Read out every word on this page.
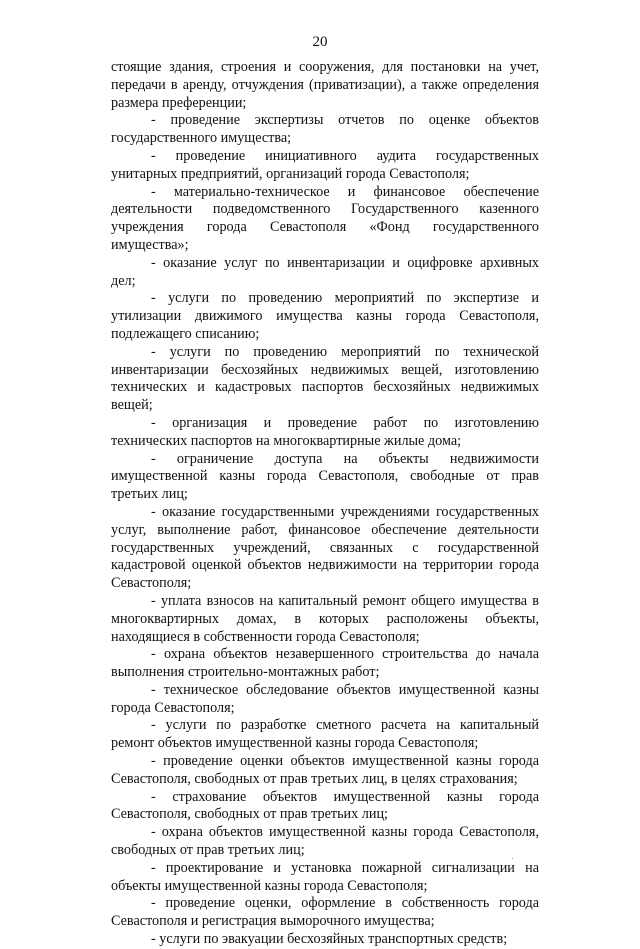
20

стоящие здания, строения и сооружения, для постановки на учет, передачи в аренду, отчуждения (приватизации), а также определения размера преференции;

- проведение экспертизы отчетов по оценке объектов государственного имущества;

- проведение инициативного аудита государственных унитарных предприятий, организаций города Севастополя;

- материально-техническое и финансовое обеспечение деятельности подведомственного Государственного казенного учреждения города Севастополя «Фонд государственного имущества»;

- оказание услуг по инвентаризации и оцифровке архивных дел;

- услуги по проведению мероприятий по экспертизе и утилизации движимого имущества казны города Севастополя, подлежащего списанию;

- услуги по проведению мероприятий по технической инвентаризации бесхозяйных недвижимых вещей, изготовлению технических и кадастровых паспортов бесхозяйных недвижимых вещей;

- организация и проведение работ по изготовлению технических паспортов на многоквартирные жилые дома;

- ограничение доступа на объекты недвижимости имущественной казны города Севастополя, свободные от прав третьих лиц;

- оказание государственными учреждениями государственных услуг, выполнение работ, финансовое обеспечение деятельности государственных учреждений, связанных с государственной кадастровой оценкой объектов недвижимости на территории города Севастополя;

- уплата взносов на капитальный ремонт общего имущества в многоквартирных домах, в которых расположены объекты, находящиеся в собственности города Севастополя;

- охрана объектов незавершенного строительства до начала выполнения строительно-монтажных работ;

- техническое обследование объектов имущественной казны города Севастополя;

- услуги по разработке сметного расчета на капитальный ремонт объектов имущественной казны города Севастополя;

- проведение оценки объектов имущественной казны города Севастополя, свободных от прав третьих лиц, в целях страхования;

- страхование объектов имущественной казны города Севастополя, свободных от прав третьих лиц;

- охрана объектов имущественной казны города Севастополя, свободных от прав третьих лиц;

- проектирование и установка пожарной сигнализации на объекты имущественной казны города Севастополя;

- проведение оценки, оформление в собственность города Севастополя и регистрация выморочного имущества;

- услуги по эвакуации бесхозяйных транспортных средств;
